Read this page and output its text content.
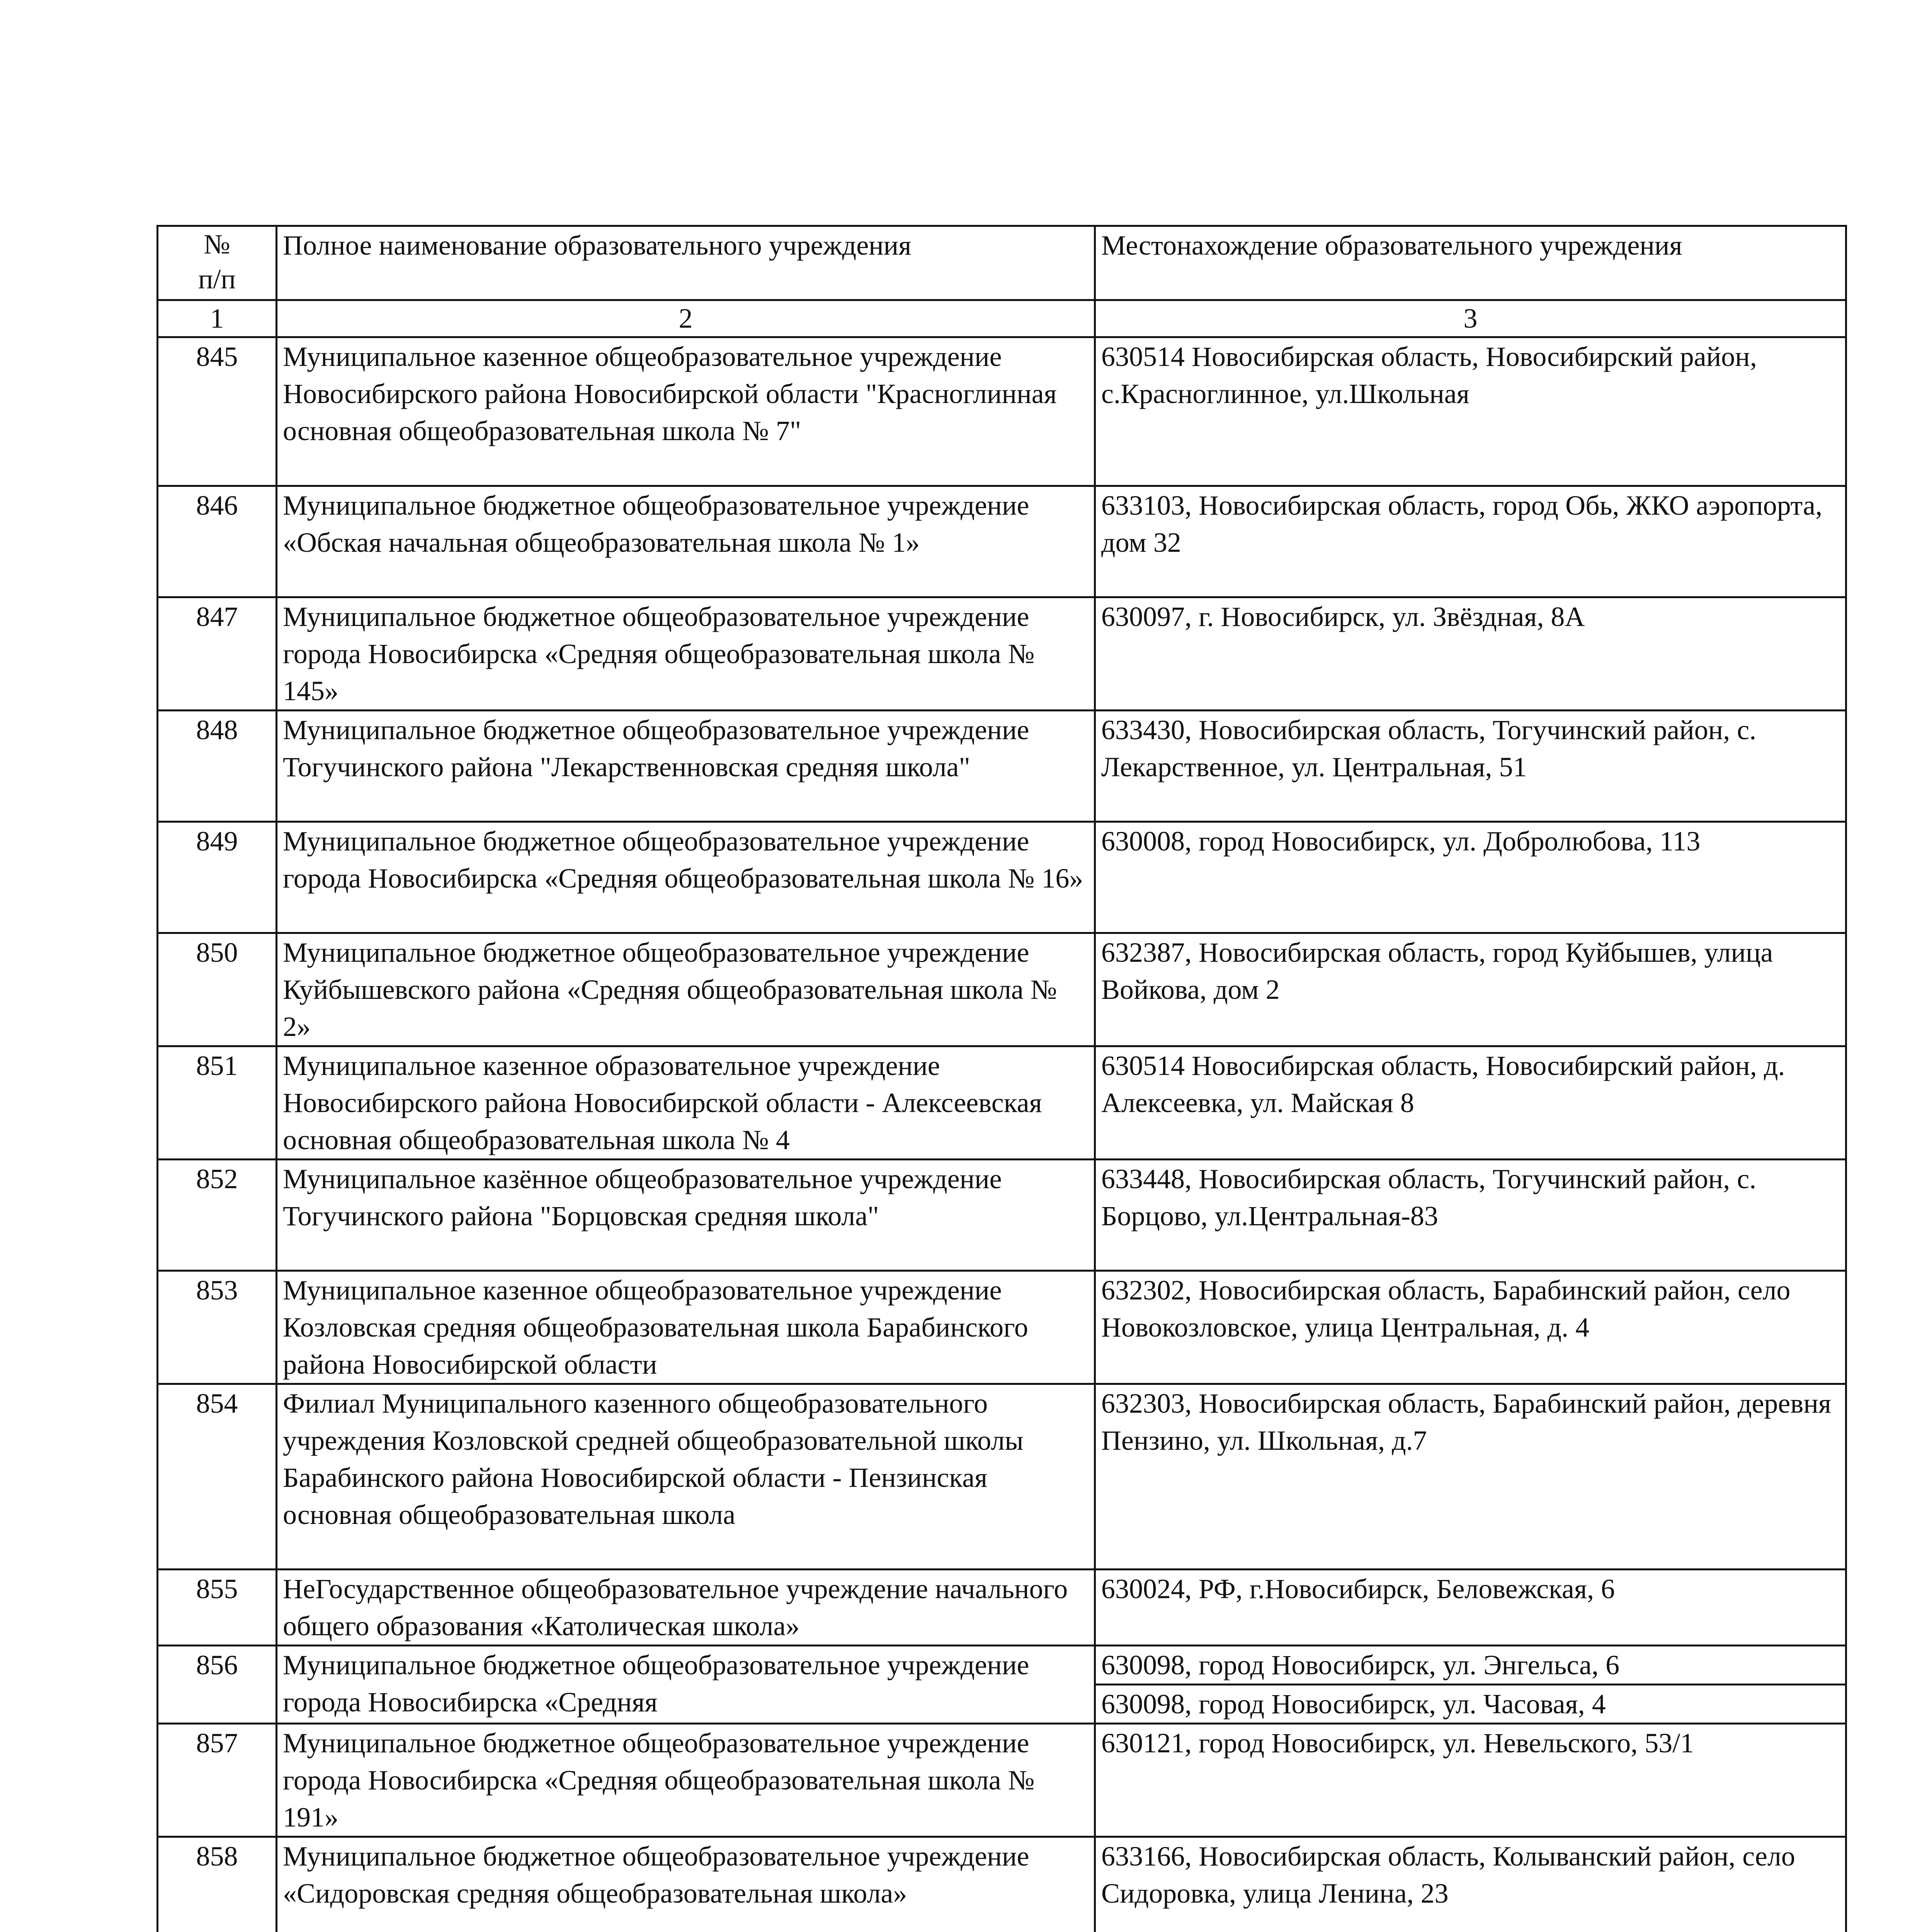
№
п/п	Полное наименование образовательного учреждения	Местонахождение образовательного учреждения
1	2	3
845	Муниципальное казенное общеобразовательное учреждение Новосибирского района Новосибирской области "Красноглинная основная общеобразовательная школа № 7"	630514 Новосибирская область, Новосибирский район, с.Красноглинное, ул.Школьная
846	Муниципальное бюджетное общеобразовательное учреждение «Обская начальная общеобразовательная школа № 1»	633103, Новосибирская область, город Обь, ЖКО аэропорта, дом 32
847	Муниципальное бюджетное общеобразовательное учреждение города Новосибирска «Средняя общеобразовательная школа № 145»	630097, г. Новосибирск, ул. Звёздная, 8А
848	Муниципальное бюджетное общеобразовательное учреждение Тогучинского района "Лекарственновская средняя школа"	633430, Новосибирская область, Тогучинский район, с. Лекарственное, ул. Центральная, 51
849	Муниципальное бюджетное общеобразовательное учреждение города Новосибирска «Средняя общеобразовательная школа № 16»	630008, город Новосибирск, ул. Добролюбова, 113
850	Муниципальное бюджетное общеобразовательное учреждение Куйбышевского района «Средняя общеобразовательная школа № 2»	632387, Новосибирская область, город Куйбышев, улица Войкова, дом 2
851	Муниципальное казенное образовательное учреждение Новосибирского района Новосибирской области - Алексеевская основная общеобразовательная школа № 4	630514 Новосибирская область, Новосибирский район, д. Алексеевка, ул. Майская 8
852	Муниципальное казённое общеобразовательное учреждение Тогучинского района "Борцовская средняя школа"	633448, Новосибирская область, Тогучинский район, с. Борцово, ул.Центральная-83
853	Муниципальное казенное общеобразовательное учреждение Козловская средняя общеобразовательная школа Барабинского района Новосибирской области	632302, Новосибирская область, Барабинский район, село Новокозловское, улица Центральная, д. 4
854	Филиал Муниципального казенного общеобразовательного учреждения Козловской средней общеобразовательной школы Барабинского района Новосибирской области - Пензинская основная общеобразовательная школа	632303, Новосибирская область, Барабинский район, деревня Пензино, ул. Школьная, д.7
855	НеГосударственное общеобразовательное учреждение начального общего образования «Католическая школа»	630024, РФ, г.Новосибирск, Беловежская, 6
856	Муниципальное бюджетное общеобразовательное учреждение города Новосибирска «Средняя	630098, город Новосибирск, ул. Энгельса, 6
630098, город Новосибирск, ул. Часовая, 4

857	Муниципальное бюджетное общеобразовательное учреждение города Новосибирска «Средняя общеобразовательная школа № 191»	630121, город Новосибирск, ул. Невельского, 53/1
858	Муниципальное бюджетное общеобразовательное учреждение «Сидоровская средняя общеобразовательная школа»	633166, Новосибирская область, Колыванский район, село Сидоровка, улица Ленина, 23
